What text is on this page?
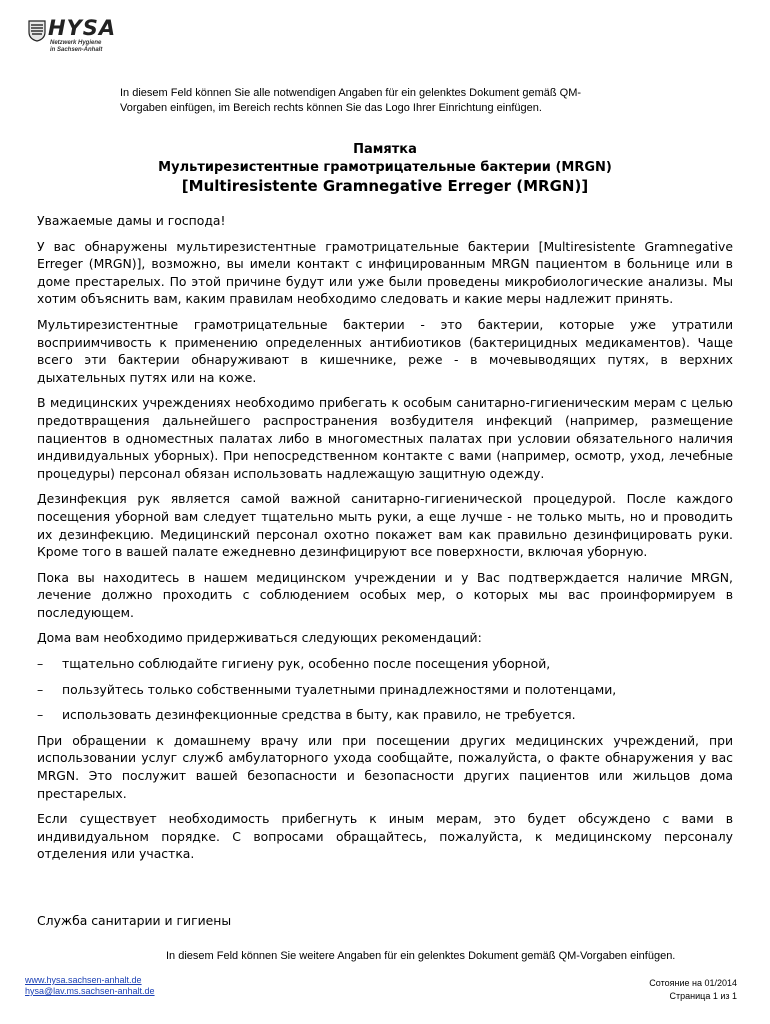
HYSA
Netzwerk Hygiene
in Sachsen-Anhalt
In diesem Feld können Sie alle notwendigen Angaben für ein gelenktes Dokument gemäß QM-Vorgaben einfügen, im Bereich rechts können Sie das Logo Ihrer Einrichtung einfügen.
Памятка
Мультирезистентные грамотрицательные бактерии (MRGN)
[Multiresistente Gramnegative Erreger (MRGN)]

Уважаемые дамы и господа!

У вас обнаружены мультирезистентные грамотрицательные бактерии [Multiresistente Gramnegative Erreger (MRGN)], возможно, вы имели контакт с инфицированным MRGN пациентом в больнице или в доме престарелых. По этой причине будут или уже были проведены микробиологические анализы. Мы хотим объяснить вам, каким правилам необходимо следовать и какие меры надлежит принять.

Мультирезистентные грамотрицательные бактерии - это бактерии, которые уже утратили восприимчивость к применению определенных антибиотиков (бактерицидных медикаментов). Чаще всего эти бактерии обнаруживают в кишечнике, реже - в мочевыводящих путях, в верхних дыхательных путях или на коже.

В медицинских учреждениях необходимо прибегать к особым санитарно-гигиеническим мерам с целью предотвращения дальнейшего распространения возбудителя инфекций (например, размещение пациентов в одноместных палатах либо в многоместных палатах при условии обязательного наличия индивидуальных уборных). При непосредственном контакте с вами (например, осмотр, уход, лечебные процедуры) персонал обязан использовать надлежащую защитную одежду.

Дезинфекция рук является самой важной санитарно-гигиенической процедурой. После каждого посещения уборной вам следует тщательно мыть руки, а еще лучше - не только мыть, но и проводить их дезинфекцию. Медицинский персонал охотно покажет вам как правильно дезинфицировать руки. Кроме того в вашей палате ежедневно дезинфицируют все поверхности, включая уборную.

Пока вы находитесь в нашем медицинском учреждении и у Вас подтверждается наличие MRGN, лечение должно проходить с соблюдением особых мер, о которых мы вас проинформируем в последующем.

Дома вам необходимо придерживаться следующих рекомендаций:

– тщательно соблюдайте гигиену рук, особенно после посещения уборной,
– пользуйтесь только собственными туалетными принадлежностями и полотенцами,
– использовать дезинфекционные средства в быту, как правило, не требуется.

При обращении к домашнему врачу или при посещении других медицинских учреждений, при использовании услуг служб амбулаторного ухода сообщайте, пожалуйста, о факте обнаружения у вас MRGN. Это послужит вашей безопасности и безопасности других пациентов или жильцов дома престарелых.

Если существует необходимость прибегнуть к иным мерам, это будет обсуждено с вами в индивидуальном порядке. С вопросами обращайтесь, пожалуйста, к медицинскому персоналу отделения или участка.

Служба санитарии и гигиены
In diesem Feld können Sie weitere Angaben für ein gelenktes Dokument gemäß QM-Vorgaben einfügen.
www.hysa.sachsen-anhalt.de
hysa@lav.ms.sachsen-anhalt.de
Сотояние на 01/2014
Страница 1 из 1
